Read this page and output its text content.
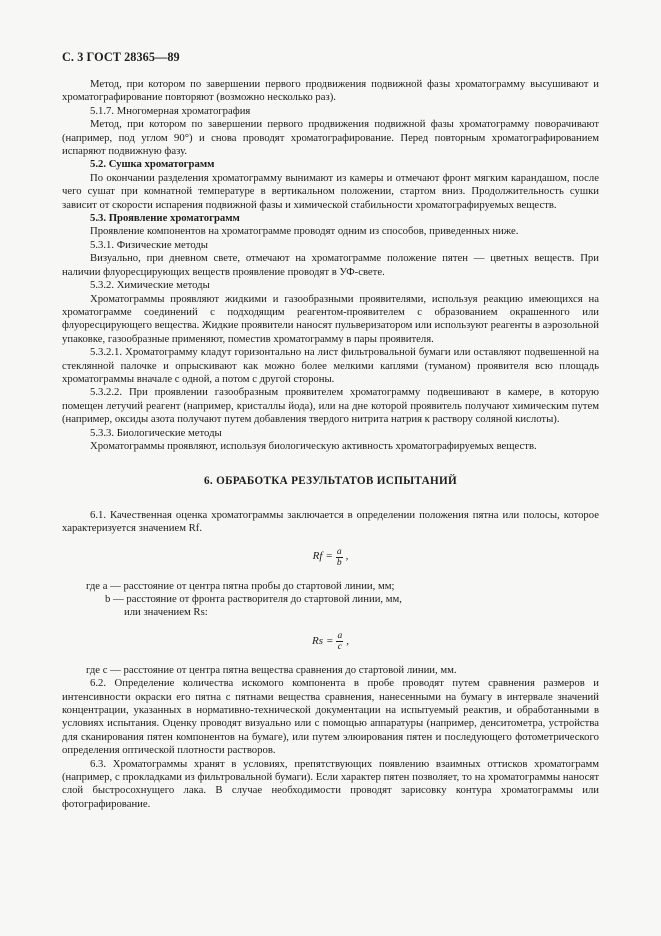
С. 3 ГОСТ 28365—89

Метод, при котором по завершении первого продвижения подвижной фазы хроматограмму высушивают и хроматографирование повторяют (возможно несколько раз).

5.1.7. Многомерная хроматография

Метод, при котором по завершении первого продвижения подвижной фазы хроматограмму поворачивают (например, под углом 90°) и снова проводят хроматографирование. Перед повторным хроматографированием испаряют подвижную фазу.

5.2. Сушка хроматограмм

По окончании разделения хроматограмму вынимают из камеры и отмечают фронт мягким карандашом, после чего сушат при комнатной температуре в вертикальном положении, стартом вниз. Продолжительность сушки зависит от скорости испарения подвижной фазы и химической стабильности хроматографируемых веществ.

5.3. Проявление хроматограмм

Проявление компонентов на хроматограмме проводят одним из способов, приведенных ниже.

5.3.1. Физические методы

Визуально, при дневном свете, отмечают на хроматограмме положение пятен — цветных веществ. При наличии флуоресцирующих веществ проявление проводят в УФ-свете.

5.3.2. Химические методы

Хроматограммы проявляют жидкими и газообразными проявителями, используя реакцию имеющихся на хроматограмме соединений с подходящим реагентом-проявителем с образованием окрашенного или флуоресцирующего вещества. Жидкие проявители наносят пульверизатором или используют реагенты в аэрозольной упаковке, газообразные применяют, поместив хроматограмму в пары проявителя.

5.3.2.1. Хроматограмму кладут горизонтально на лист фильтровальной бумаги или оставляют подвешенной на стеклянной палочке и опрыскивают как можно более мелкими каплями (туманом) проявителя всю площадь хроматограммы вначале с одной, а потом с другой стороны.

5.3.2.2. При проявлении газообразным проявителем хроматограмму подвешивают в камере, в которую помещен летучий реагент (например, кристаллы йода), или на дне которой проявитель получают химическим путем (например, оксиды азота получают путем добавления твердого нитрита натрия к раствору соляной кислоты).

5.3.3. Биологические методы

Хроматограммы проявляют, используя биологическую активность хроматографируемых веществ.

6. ОБРАБОТКА РЕЗУЛЬТАТОВ ИСПЫТАНИЙ

6.1. Качественная оценка хроматограммы заключается в определении положения пятна или полосы, которое характеризуется значением Rf.

$Rf = \frac{a}{b}$ ,

где a — расстояние от центра пятна пробы до стартовой линии, мм;

b — расстояние от фронта растворителя до стартовой линии, мм,

или значением Rs:

$Rs = \frac{a}{c}$ ,

где c — расстояние от центра пятна вещества сравнения до стартовой линии, мм.

6.2. Определение количества искомого компонента в пробе проводят путем сравнения размеров и интенсивности окраски его пятна с пятнами вещества сравнения, нанесенными на бумагу в интервале значений концентрации, указанных в нормативно-технической документации на испытуемый реактив, и обработанными в условиях испытания. Оценку проводят визуально или с помощью аппаратуры (например, денситометра, устройства для сканирования пятен компонентов на бумаге), или путем элюирования пятен и последующего фотометрического определения оптической плотности растворов.

6.3. Хроматограммы хранят в условиях, препятствующих появлению взаимных оттисков хроматограмм (например, с прокладками из фильтровальной бумаги). Если характер пятен позволяет, то на хроматограммы наносят слой быстросохнущего лака. В случае необходимости проводят зарисовку контура хроматограммы или фотографирование.
